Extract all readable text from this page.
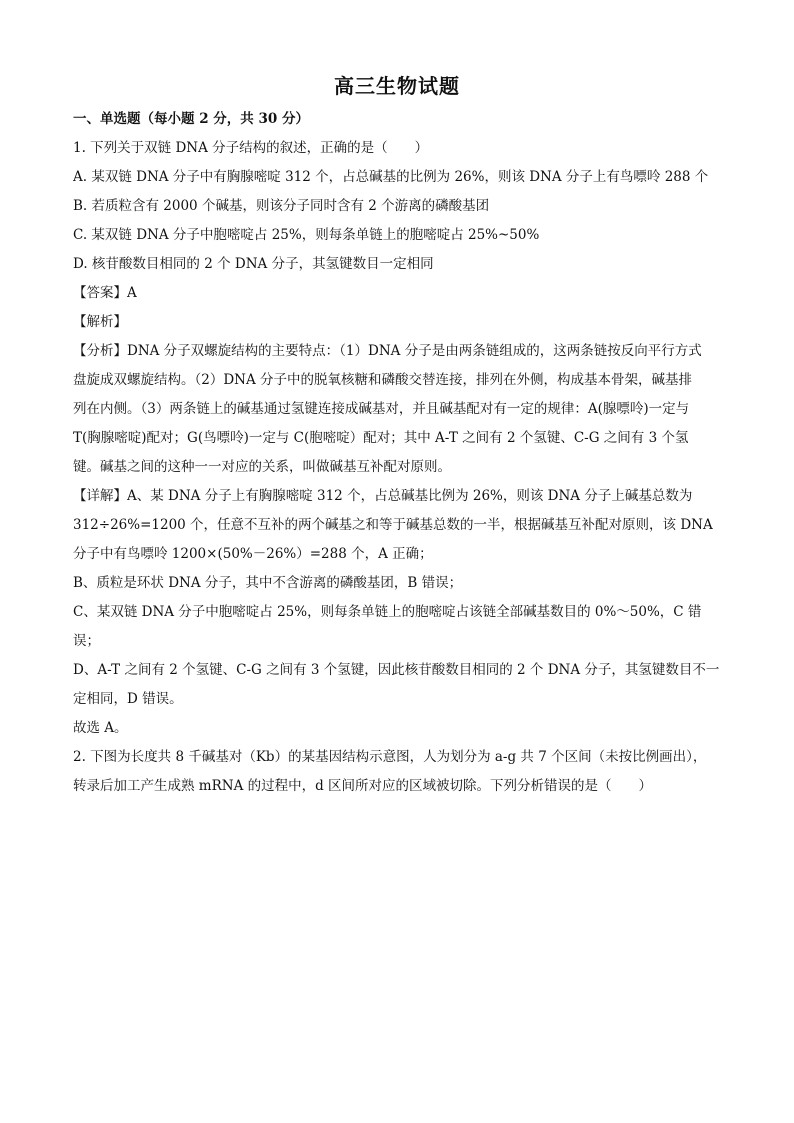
高三生物试题
一、单选题（每小题 2 分，共 30 分）
1. 下列关于双链 DNA 分子结构的叙述，正确的是（　　）
A. 某双链 DNA 分子中有胸腺嘧啶 312 个，占总碱基的比例为 26%，则该 DNA 分子上有鸟嘌呤 288 个
B. 若质粒含有 2000 个碱基，则该分子同时含有 2 个游离的磷酸基团
C. 某双链 DNA 分子中胞嘧啶占 25%，则每条单链上的胞嘧啶占 25%~50%
D. 核苷酸数目相同的 2 个 DNA 分子，其氢键数目一定相同
【答案】A
【解析】
【分析】DNA 分子双螺旋结构的主要特点：（1）DNA 分子是由两条链组成的，这两条链按反向平行方式
盘旋成双螺旋结构。（2）DNA 分子中的脱氧核糖和磷酸交替连接，排列在外侧，构成基本骨架，碱基排
列在内侧。（3）两条链上的碱基通过氢键连接成碱基对，并且碱基配对有一定的规律：A(腺嘌呤)一定与
T(胸腺嘧啶)配对；G(鸟嘌呤)一定与 C(胞嘧啶）配对；其中 A-T 之间有 2 个氢键、C-G 之间有 3 个氢
键。碱基之间的这种一一对应的关系，叫做碱基互补配对原则。
【详解】A、某 DNA 分子上有胸腺嘧啶 312 个，占总碱基比例为 26%，则该 DNA 分子上碱基总数为
312÷26%=1200 个，任意不互补的两个碱基之和等于碱基总数的一半，根据碱基互补配对原则，该 DNA
分子中有鸟嘌呤 1200×(50%－26%）=288 个，A 正确；
B、质粒是环状 DNA 分子，其中不含游离的磷酸基团，B 错误；
C、某双链 DNA 分子中胞嘧啶占 25%，则每条单链上的胞嘧啶占该链全部碱基数目的 0%～50%，C 错
误；
D、A-T 之间有 2 个氢键、C-G 之间有 3 个氢键，因此核苷酸数目相同的 2 个 DNA 分子，其氢键数目不一
定相同，D 错误。
故选 A。
2. 下图为长度共 8 千碱基对（Kb）的某基因结构示意图，人为划分为 a-g 共 7 个区间（未按比例画出），
转录后加工产生成熟 mRNA 的过程中，d 区间所对应的区域被切除。下列分析错误的是（　　）
